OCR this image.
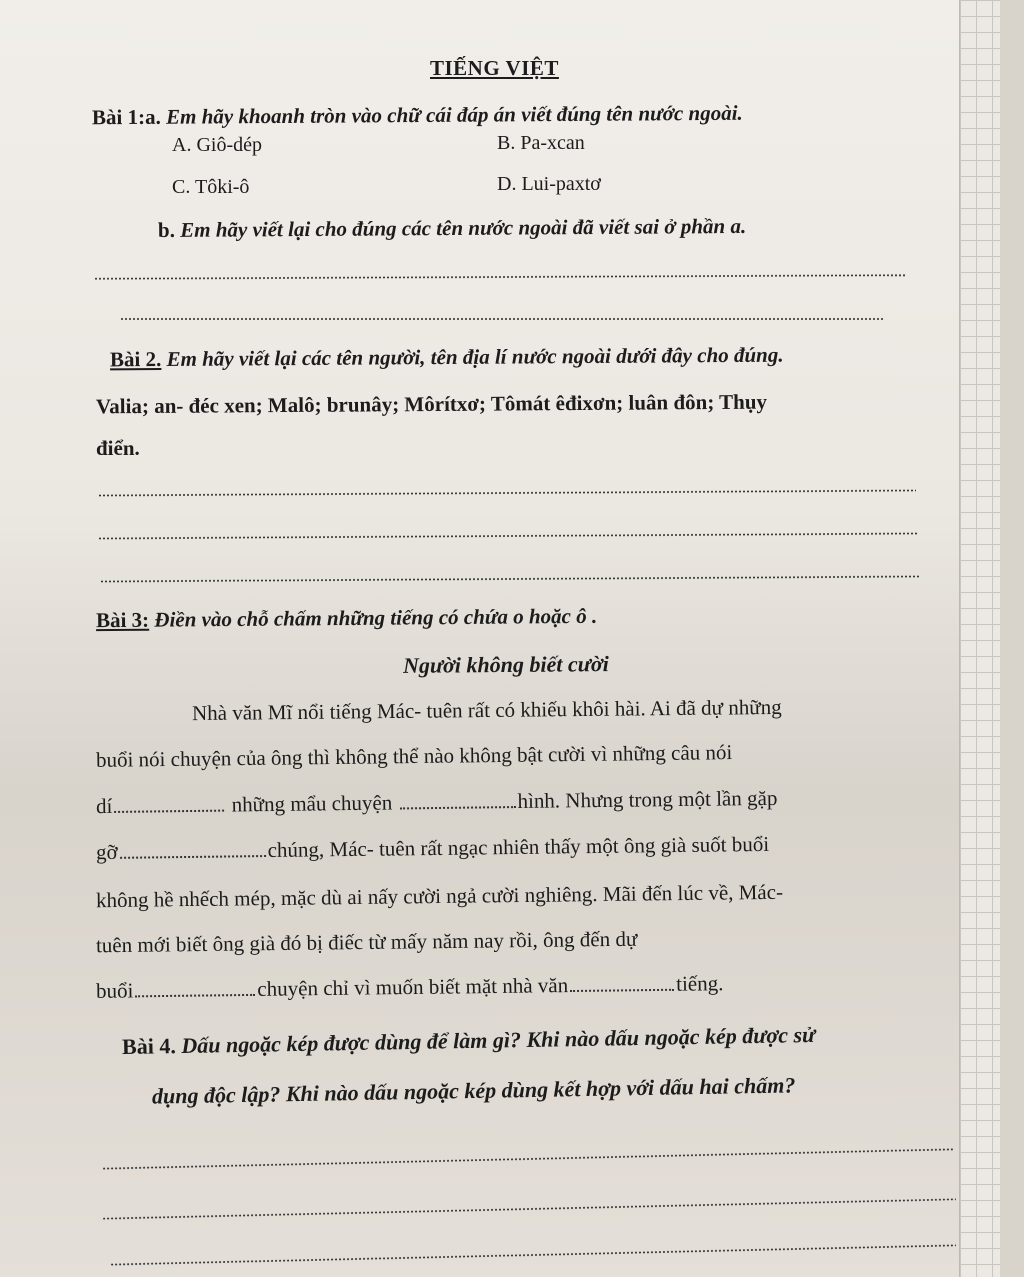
TIẾNG VIỆT
Bài 1:a. Em hãy khoanh tròn vào chữ cái đáp án viết đúng tên nước ngoài.
A. Giô-dép	B. Pa-xcan
C. Tôki-ô	D. Lui-paxtơ
b. Em hãy viết lại cho đúng các tên nước ngoài đã viết sai ở phần a.
Bài 2. Em hãy viết lại các tên người, tên địa lí nước ngoài dưới đây cho đúng.
Valia; an- đéc xen; Malô; brunây; Môrítxơ; Tômát êđixơn; luân đôn; Thụy
điển.
Bài 3: Điền vào chỗ chấm những tiếng có chứa o hoặc ô .
Người không biết cười
Nhà văn Mĩ nổi tiếng Mác- tuên rất có khiếu khôi hài. Ai đã dự những
buổi nói chuyện của ông thì không thể nào không bật cười vì những câu nói
dí	những mẩu chuyện	hình. Nhưng trong một lần gặp
gỡ	chúng, Mác- tuên rất ngạc nhiên thấy một ông già suốt buổi
không hề nhếch mép, mặc dù ai nấy cười ngả cười nghiêng. Mãi đến lúc về, Mác-
tuên mới biết ông già đó bị điếc từ mấy năm nay rồi, ông đến dự
buổi	chuyện chỉ vì muốn biết mặt nhà văn	tiếng.
Bài 4. Dấu ngoặc kép được dùng để làm gì? Khi nào dấu ngoặc kép được sử
dụng độc lập? Khi nào dấu ngoặc kép dùng kết hợp với dấu hai chấm?
